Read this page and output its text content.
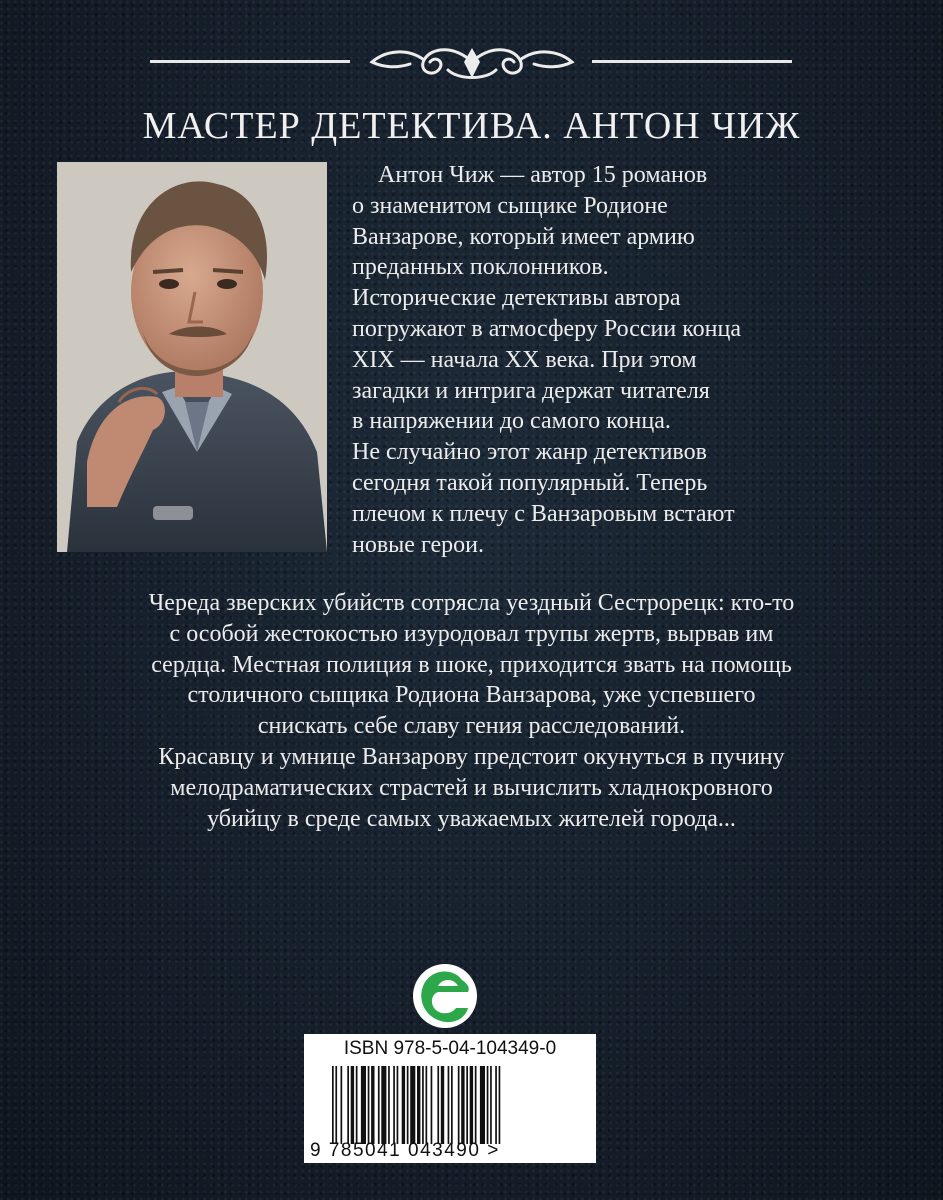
МАСТЕР ДЕТЕКТИВА. АНТОН ЧИЖ
Антон Чиж — автор 15 романов
о знаменитом сыщике Родионе
Ванзарове, который имеет армию
преданных поклонников.
Исторические детективы автора
погружают в атмосферу России конца
XIX — начала XX века. При этом
загадки и интрига держат читателя
в напряжении до самого конца.
Не случайно этот жанр детективов
сегодня такой популярный. Теперь
плечом к плечу с Ванзаровым встают
новые герои.
Череда зверских убийств сотрясла уездный Сестрорецк: кто-то
с особой жестокостью изуродовал трупы жертв, вырвав им
сердца. Местная полиция в шоке, приходится звать на помощь
столичного сыщика Родиона Ванзарова, уже успевшего
снискать себе славу гения расследований.
Красавцу и умнице Ванзарову предстоит окунуться в пучину
мелодраматических страстей и вычислить хладнокровного
убийцу в среде самых уважаемых жителей города...
ISBN 978-5-04-104349-0
9 785041 043490 >
